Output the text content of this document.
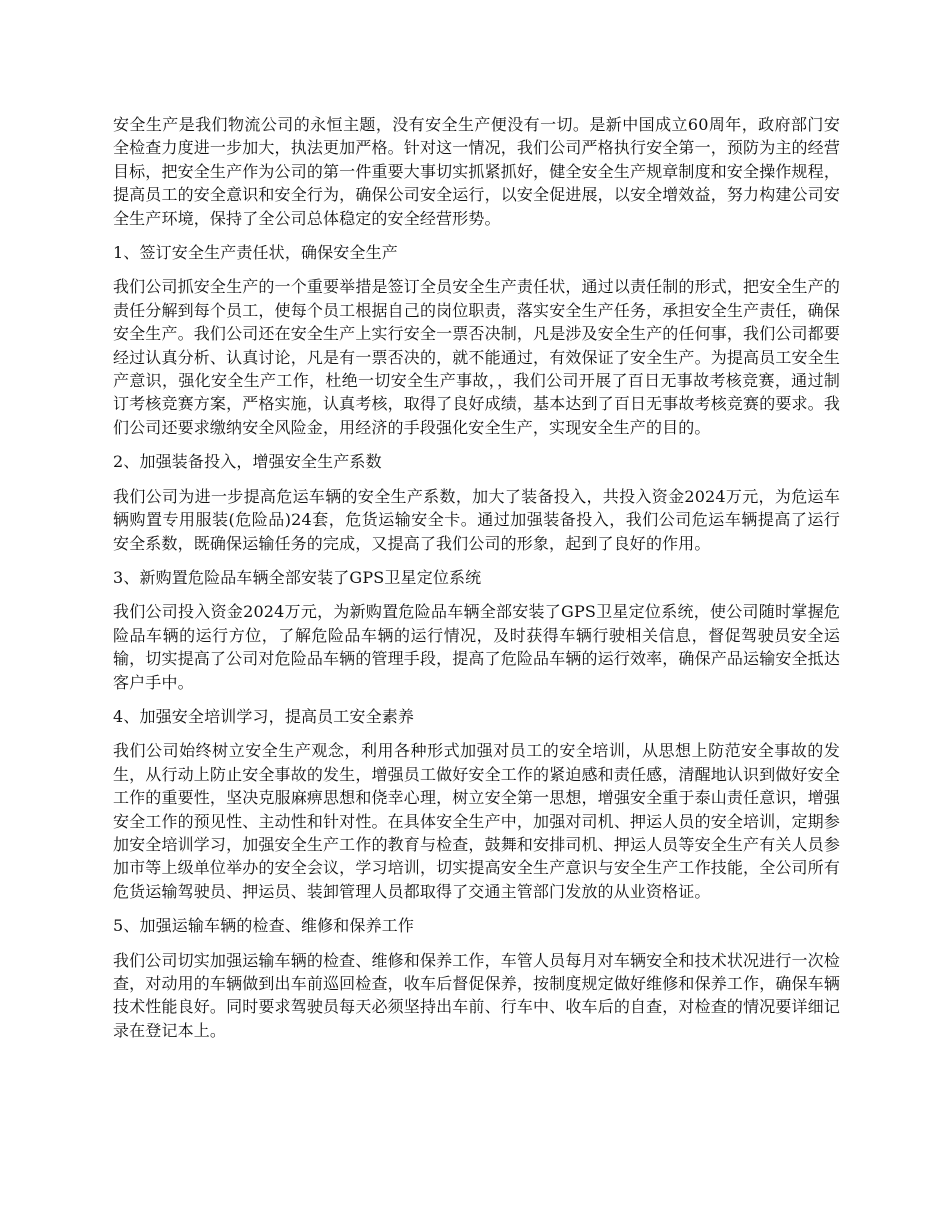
安全生产是我们物流公司的永恒主题，没有安全生产便没有一切。是新中国成立60周年，政府部门安全检查力度进一步加大，执法更加严格。针对这一情况，我们公司严格执行安全第一，预防为主的经营目标，把安全生产作为公司的第一件重要大事切实抓紧抓好，健全安全生产规章制度和安全操作规程，提高员工的安全意识和安全行为，确保公司安全运行，以安全促进展，以安全增效益，努力构建公司安全生产环境，保持了全公司总体稳定的安全经营形势。

1、签订安全生产责任状，确保安全生产

我们公司抓安全生产的一个重要举措是签订全员安全生产责任状，通过以责任制的形式，把安全生产的责任分解到每个员工，使每个员工根据自己的岗位职责，落实安全生产任务，承担安全生产责任，确保安全生产。我们公司还在安全生产上实行安全一票否决制，凡是涉及安全生产的任何事，我们公司都要经过认真分析、认真讨论，凡是有一票否决的，就不能通过，有效保证了安全生产。为提高员工安全生产意识，强化安全生产工作，杜绝一切安全生产事故，，我们公司开展了百日无事故考核竞赛，通过制订考核竞赛方案，严格实施，认真考核，取得了良好成绩，基本达到了百日无事故考核竞赛的要求。我们公司还要求缴纳安全风险金，用经济的手段强化安全生产，实现安全生产的目的。

2、加强装备投入，增强安全生产系数

我们公司为进一步提高危运车辆的安全生产系数，加大了装备投入，共投入资金2024万元，为危运车辆购置专用服装(危险品)24套，危货运输安全卡。通过加强装备投入，我们公司危运车辆提高了运行安全系数，既确保运输任务的完成，又提高了我们公司的形象，起到了良好的作用。

3、新购置危险品车辆全部安装了GPS卫星定位系统

我们公司投入资金2024万元，为新购置危险品车辆全部安装了GPS卫星定位系统，使公司随时掌握危险品车辆的运行方位，了解危险品车辆的运行情况，及时获得车辆行驶相关信息，督促驾驶员安全运输，切实提高了公司对危险品车辆的管理手段，提高了危险品车辆的运行效率，确保产品运输安全抵达客户手中。

4、加强安全培训学习，提高员工安全素养

我们公司始终树立安全生产观念，利用各种形式加强对员工的安全培训，从思想上防范安全事故的发生，从行动上防止安全事故的发生，增强员工做好安全工作的紧迫感和责任感，清醒地认识到做好安全工作的重要性，坚决克服麻痹思想和侥幸心理，树立安全第一思想，增强安全重于泰山责任意识，增强安全工作的预见性、主动性和针对性。在具体安全生产中，加强对司机、押运人员的安全培训，定期参加安全培训学习，加强安全生产工作的教育与检查，鼓舞和安排司机、押运人员等安全生产有关人员参加市等上级单位举办的安全会议，学习培训，切实提高安全生产意识与安全生产工作技能，全公司所有危货运输驾驶员、押运员、装卸管理人员都取得了交通主管部门发放的从业资格证。

5、加强运输车辆的检查、维修和保养工作

我们公司切实加强运输车辆的检查、维修和保养工作，车管人员每月对车辆安全和技术状况进行一次检查，对动用的车辆做到出车前巡回检查，收车后督促保养，按制度规定做好维修和保养工作，确保车辆技术性能良好。同时要求驾驶员每天必须坚持出车前、行车中、收车后的自查，对检查的情况要详细记录在登记本上。
